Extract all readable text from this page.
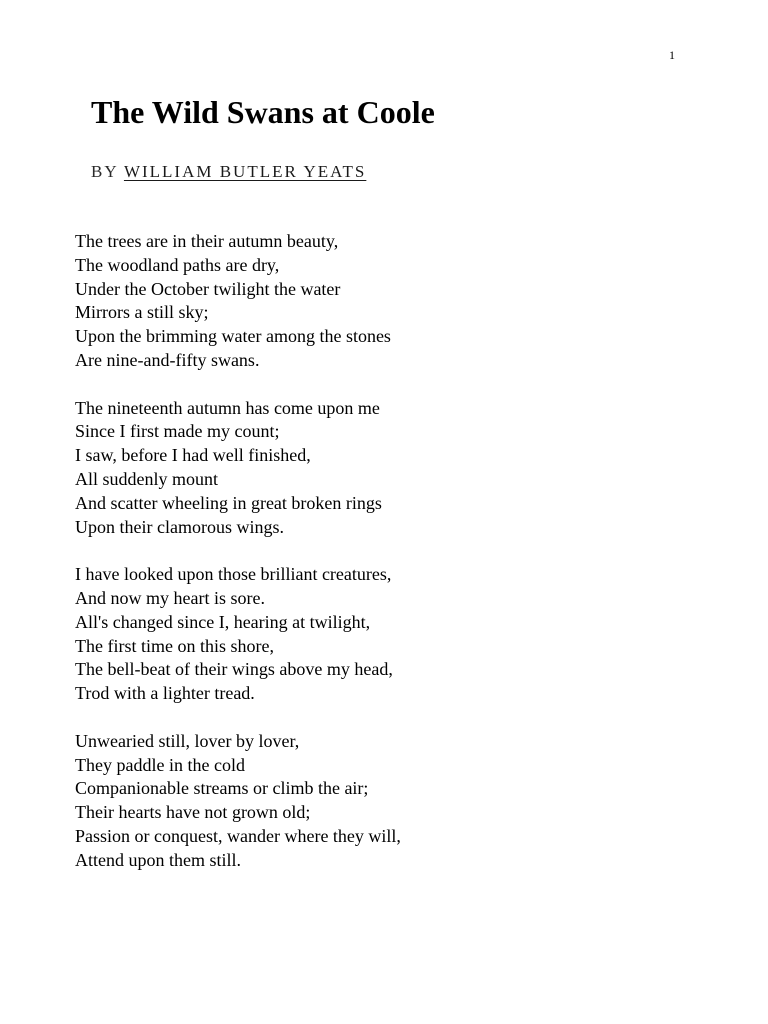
1
The Wild Swans at Coole
BY WILLIAM BUTLER YEATS
The trees are in their autumn beauty,
The woodland paths are dry,
Under the October twilight the water
Mirrors a still sky;
Upon the brimming water among the stones
Are nine-and-fifty swans.
The nineteenth autumn has come upon me
Since I first made my count;
I saw, before I had well finished,
All suddenly mount
And scatter wheeling in great broken rings
Upon their clamorous wings.
I have looked upon those brilliant creatures,
And now my heart is sore.
All's changed since I, hearing at twilight,
The first time on this shore,
The bell-beat of their wings above my head,
Trod with a lighter tread.
Unwearied still, lover by lover,
They paddle in the cold
Companionable streams or climb the air;
Their hearts have not grown old;
Passion or conquest, wander where they will,
Attend upon them still.
